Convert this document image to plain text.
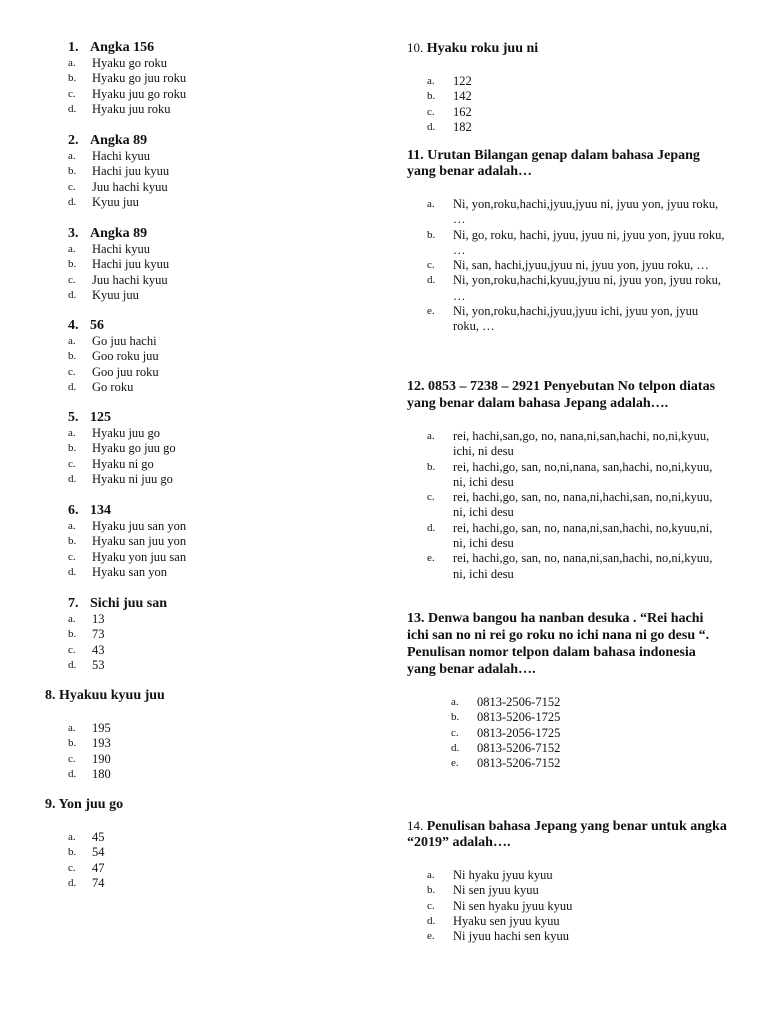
1. Angka 156
a.	Hyaku go roku
b.	Hyaku go juu roku
c.	Hyaku juu go roku
d.	Hyaku juu roku
2. Angka 89
a.	Hachi kyuu
b.	Hachi juu kyuu
c.	Juu hachi kyuu
d.	Kyuu juu
3. Angka 89
a.	Hachi kyuu
b.	Hachi juu kyuu
c.	Juu hachi kyuu
d.	Kyuu juu
4. 56
a.	Go juu hachi
b.	Goo roku juu
c.	Goo juu roku
d.	Go roku
5. 125
a.	Hyaku juu go
b.	Hyaku go juu go
c.	Hyaku ni go
d.	Hyaku ni juu go
6. 134
a.	Hyaku juu san yon
b.	Hyaku san juu yon
c.	Hyaku yon juu san
d.	Hyaku san yon
7. Sichi juu san
a.	13
b.	73
c.	43
d.	53
8. Hyakuu kyuu juu
a.	195
b.	193
c.	190
d.	180
9. Yon juu go
a.	45
b.	54
c.	47
d.	74
10. Hyaku roku juu ni
a.	122
b.	142
c.	162
d.	182
11. Urutan Bilangan genap dalam bahasa Jepang yang benar adalah…
a.	Ni, yon,roku,hachi,jyuu,jyuu ni, jyuu yon, jyuu roku, …
b.	Ni, go, roku, hachi, jyuu, jyuu ni, jyuu yon, jyuu roku, …
c.	Ni, san, hachi,jyuu,jyuu ni, jyuu yon, jyuu roku, …
d.	Ni, yon,roku,hachi,kyuu,jyuu ni, jyuu yon, jyuu roku, …
e.	Ni, yon,roku,hachi,jyuu,jyuu ichi, jyuu yon, jyuu roku, …
12. 0853 – 7238 – 2921 Penyebutan No telpon diatas yang benar dalam bahasa Jepang adalah….
a.	rei, hachi,san,go, no, nana,ni,san,hachi, no,ni,kyuu, ichi, ni desu
b.	rei, hachi,go, san, no,ni,nana, san,hachi, no,ni,kyuu, ni, ichi desu
c.	rei, hachi,go, san, no, nana,ni,hachi,san, no,ni,kyuu, ni, ichi desu
d.	rei, hachi,go, san, no, nana,ni,san,hachi, no,kyuu,ni, ni, ichi desu
e.	rei, hachi,go, san, no, nana,ni,san,hachi, no,ni,kyuu, ni, ichi desu
13. Denwa bangou ha nanban desuka . “Rei hachi ichi san no ni rei go roku no ichi nana ni go desu “. Penulisan nomor telpon dalam bahasa indonesia yang benar adalah….
a.	0813-2506-7152
b.	0813-5206-1725
c.	0813-2056-1725
d.	0813-5206-7152
e.	0813-5206-7152
14. Penulisan bahasa Jepang yang benar untuk angka “2019” adalah….
a.	Ni hyaku jyuu kyuu
b.	Ni sen jyuu kyuu
c.	Ni sen hyaku jyuu kyuu
d.	Hyaku sen jyuu kyuu
e.	Ni jyuu hachi sen kyuu
